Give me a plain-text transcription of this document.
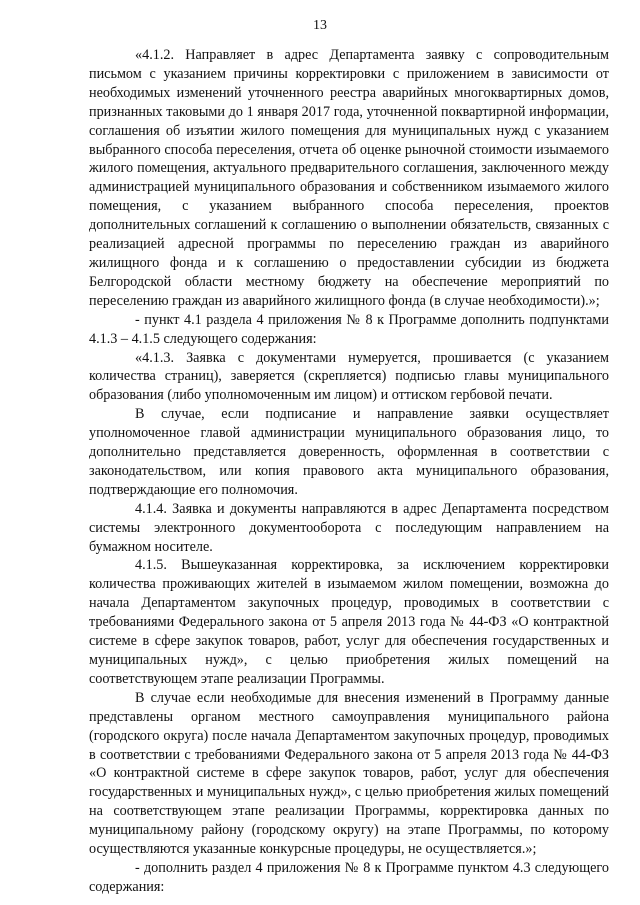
13

«4.1.2. Направляет в адрес Департамента заявку с сопроводительным письмом с указанием причины корректировки с приложением в зависимости от необходимых изменений уточненного реестра аварийных многоквартирных домов, признанных таковыми до 1 января 2017 года, уточненной поквартирной информации, соглашения об изъятии жилого помещения для муниципальных нужд с указанием выбранного способа переселения, отчета об оценке рыночной стоимости изымаемого жилого помещения, актуального предварительного соглашения, заключенного между администрацией муниципального образования и собственником изымаемого жилого помещения, с указанием выбранного способа переселения, проектов дополнительных соглашений к соглашению о выполнении обязательств, связанных с реализацией адресной программы по переселению граждан из аварийного жилищного фонда и к соглашению о предоставлении субсидии из бюджета Белгородской области местному бюджету на обеспечение мероприятий по переселению граждан из аварийного жилищного фонда (в случае необходимости).»;

- пункт 4.1 раздела 4 приложения № 8 к Программе дополнить подпунктами 4.1.3 – 4.1.5 следующего содержания:

«4.1.3. Заявка с документами нумеруется, прошивается (с указанием количества страниц), заверяется (скрепляется) подписью главы муниципального образования (либо уполномоченным им лицом) и оттиском гербовой печати.

В случае, если подписание и направление заявки осуществляет уполномоченное главой администрации муниципального образования лицо, то дополнительно представляется доверенность, оформленная в соответствии с законодательством, или копия правового акта муниципального образования, подтверждающие его полномочия.

4.1.4. Заявка и документы направляются в адрес Департамента посредством системы электронного документооборота с последующим направлением на бумажном носителе.

4.1.5. Вышеуказанная корректировка, за исключением корректировки количества проживающих жителей в изымаемом жилом помещении, возможна до начала Департаментом закупочных процедур, проводимых в соответствии с требованиями Федерального закона от 5 апреля 2013 года № 44-ФЗ «О контрактной системе в сфере закупок товаров, работ, услуг для обеспечения государственных и муниципальных нужд», с целью приобретения жилых помещений на соответствующем этапе реализации Программы.

В случае если необходимые для внесения изменений в Программу данные представлены органом местного самоуправления муниципального района (городского округа) после начала Департаментом закупочных процедур, проводимых в соответствии с требованиями Федерального закона от 5 апреля 2013 года № 44-ФЗ «О контрактной системе в сфере закупок товаров, работ, услуг для обеспечения государственных и муниципальных нужд», с целью приобретения жилых помещений на соответствующем этапе реализации Программы, корректировка данных по муниципальному району (городскому округу) на этапе Программы, по которому осуществляются указанные конкурсные процедуры, не осуществляется.»;

- дополнить раздел 4 приложения № 8 к Программе пунктом 4.3 следующего содержания:
